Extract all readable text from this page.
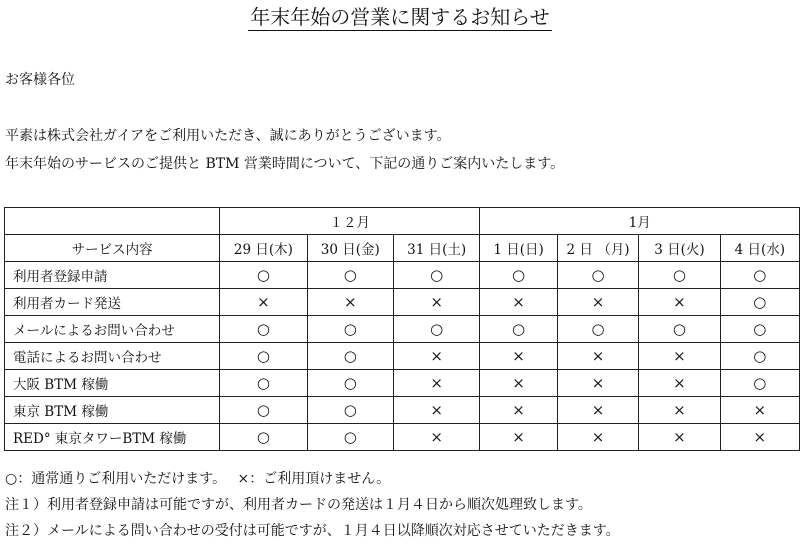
年末年始の営業に関するお知らせ
お客様各位
平素は株式会社ガイアをご利用いただき、誠にありがとうございます。
年末年始のサービスのご提供と BTM 営業時間について、下記の通りご案内いたします。
	１２月			1月			
サービス内容	29 日(木)	30 日(金)	31 日(土)	1 日(日)	2 日 （月)	3 日(火)	4 日(水)
利用者登録申請	○	○	○	○	○	○	○
利用者カード発送	×	×	×	×	×	×	○
メールによるお問い合わせ	○	○	○	○	○	○	○
電話によるお問い合わせ	○	○	×	×	×	×	○
大阪 BTM 稼働	○	○	×	×	×	×	○
東京 BTM 稼働	○	○	×	×	×	×	×
RED° 東京タワーBTM 稼働	○	○	×	×	×	×	×
○：通常通りご利用いただけます。　 ×：ご利用頂けません。
注１）利用者登録申請は可能ですが、利用者カードの発送は１月４日から順次処理致します。
注２）メールによる問い合わせの受付は可能ですが、１月４日以降順次対応させていただきます。
